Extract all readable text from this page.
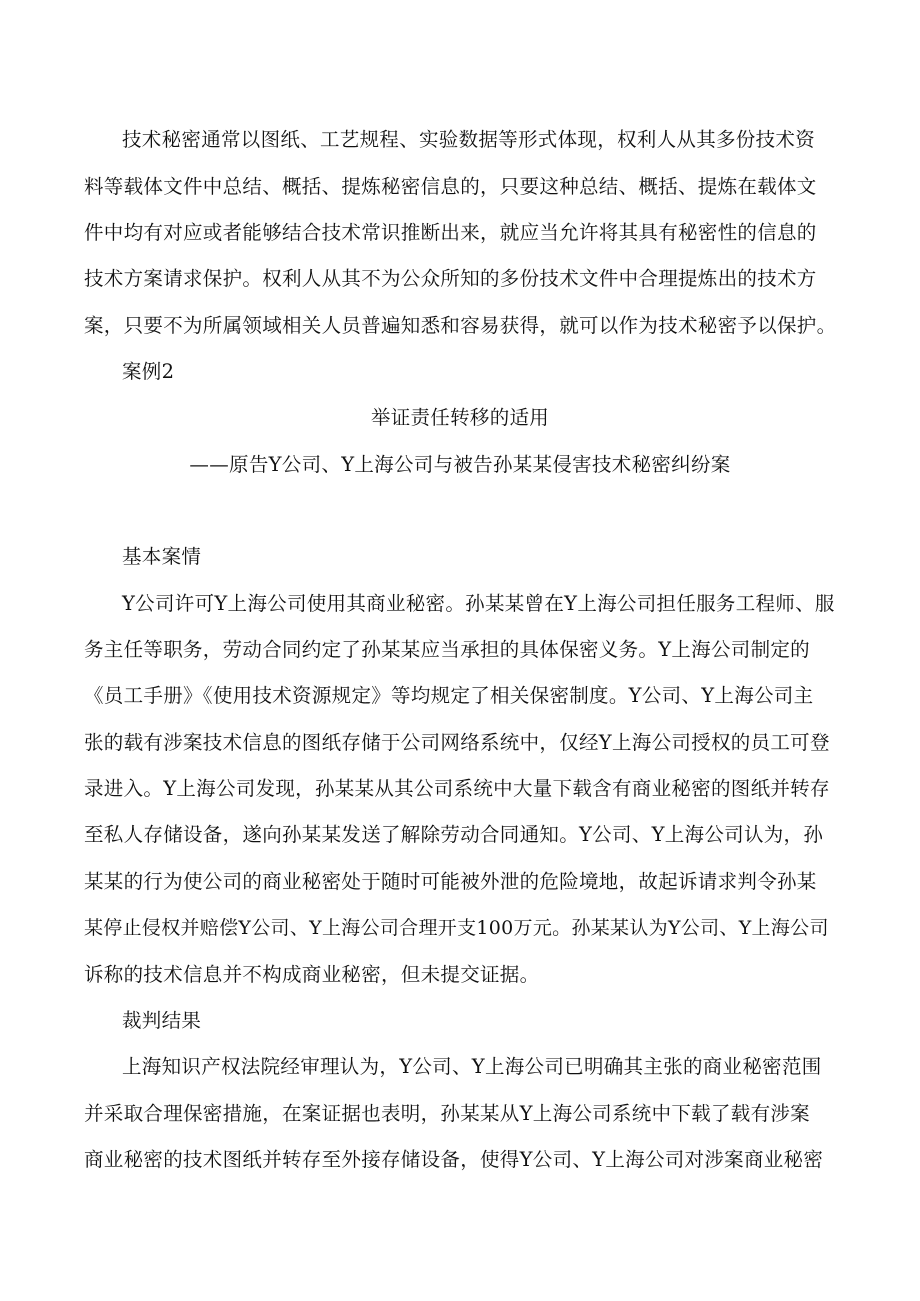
技术秘密通常以图纸、工艺规程、实验数据等形式体现，权利人从其多份技术资
料等载体文件中总结、概括、提炼秘密信息的，只要这种总结、概括、提炼在载体文
件中均有对应或者能够结合技术常识推断出来，就应当允许将其具有秘密性的信息的
技术方案请求保护。权利人从其不为公众所知的多份技术文件中合理提炼出的技术方
案，只要不为所属领域相关人员普遍知悉和容易获得，就可以作为技术秘密予以保护。
案例2
举证责任转移的适用
——原告Y公司、Y上海公司与被告孙某某侵害技术秘密纠纷案
基本案情
Y公司许可Y上海公司使用其商业秘密。孙某某曾在Y上海公司担任服务工程师、服
务主任等职务，劳动合同约定了孙某某应当承担的具体保密义务。Y上海公司制定的
《员工手册》《使用技术资源规定》等均规定了相关保密制度。Y公司、Y上海公司主
张的载有涉案技术信息的图纸存储于公司网络系统中，仅经Y上海公司授权的员工可登
录进入。Y上海公司发现，孙某某从其公司系统中大量下载含有商业秘密的图纸并转存
至私人存储设备，遂向孙某某发送了解除劳动合同通知。Y公司、Y上海公司认为，孙
某某的行为使公司的商业秘密处于随时可能被外泄的危险境地，故起诉请求判令孙某
某停止侵权并赔偿Y公司、Y上海公司合理开支100万元。孙某某认为Y公司、Y上海公司
诉称的技术信息并不构成商业秘密，但未提交证据。
裁判结果
上海知识产权法院经审理认为，Y公司、Y上海公司已明确其主张的商业秘密范围
并采取合理保密措施，在案证据也表明，孙某某从Y上海公司系统中下载了载有涉案
商业秘密的技术图纸并转存至外接存储设备，使得Y公司、Y上海公司对涉案商业秘密
